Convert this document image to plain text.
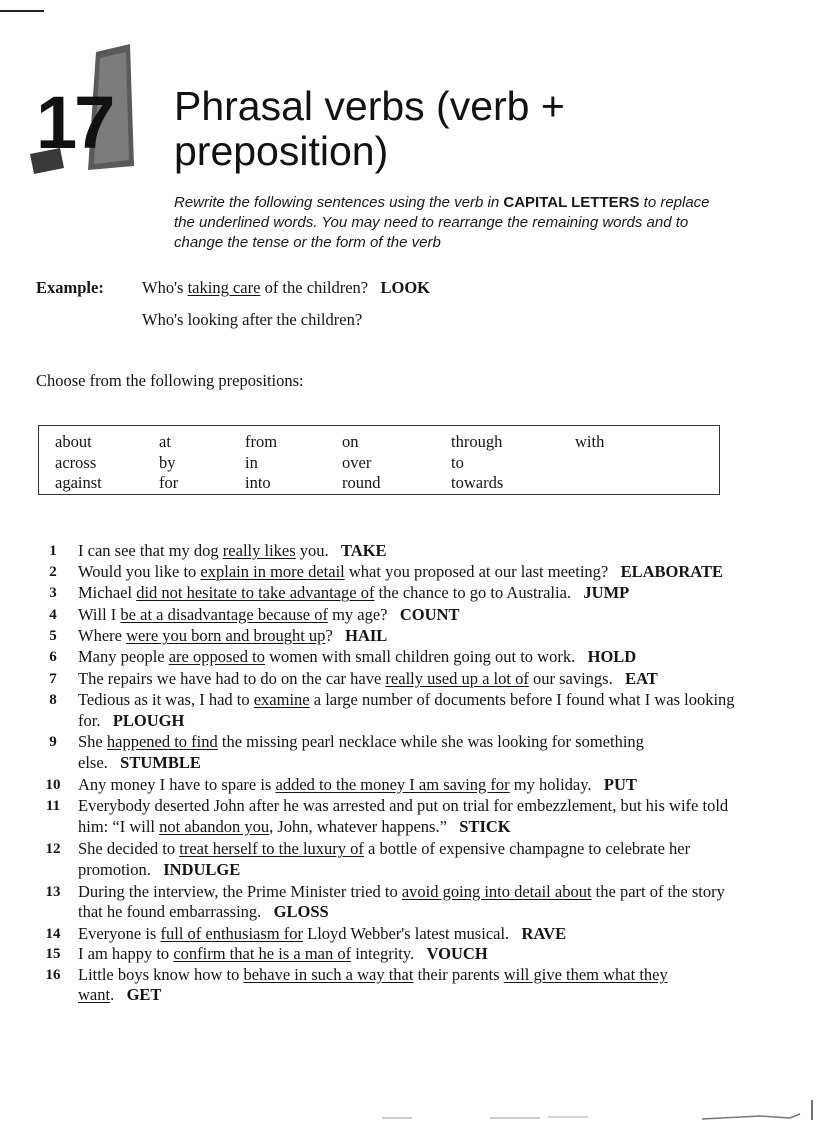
17 Phrasal verbs (verb + preposition)
Rewrite the following sentences using the verb in CAPITAL LETTERS to replace the underlined words. You may need to rearrange the remaining words and to change the tense or the form of the verb
Example: Who's taking care of the children? LOOK
Who's looking after the children?
Choose from the following prepositions:
about	at	from	on	through	with
across	by	in	over	to
against	for	into	round	towards
1	I can see that my dog really likes you. TAKE
2	Would you like to explain in more detail what you proposed at our last meeting? ELABORATE
3	Michael did not hesitate to take advantage of the chance to go to Australia. JUMP
4	Will I be at a disadvantage because of my age? COUNT
5	Where were you born and brought up? HAIL
6	Many people are opposed to women with small children going out to work. HOLD
7	The repairs we have had to do on the car have really used up a lot of our savings. EAT
8	Tedious as it was, I had to examine a large number of documents before I found what I was looking for. PLOUGH
9	She happened to find the missing pearl necklace while she was looking for something else. STUMBLE
10	Any money I have to spare is added to the money I am saving for my holiday. PUT
11	Everybody deserted John after he was arrested and put on trial for embezzlement, but his wife told him: “I will not abandon you, John, whatever happens.” STICK
12	She decided to treat herself to the luxury of a bottle of expensive champagne to celebrate her promotion. INDULGE
13	During the interview, the Prime Minister tried to avoid going into detail about the part of the story that he found embarrassing. GLOSS
14	Everyone is full of enthusiasm for Lloyd Webber's latest musical. RAVE
15	I am happy to confirm that he is a man of integrity. VOUCH
16	Little boys know how to behave in such a way that their parents will give them what they want. GET
